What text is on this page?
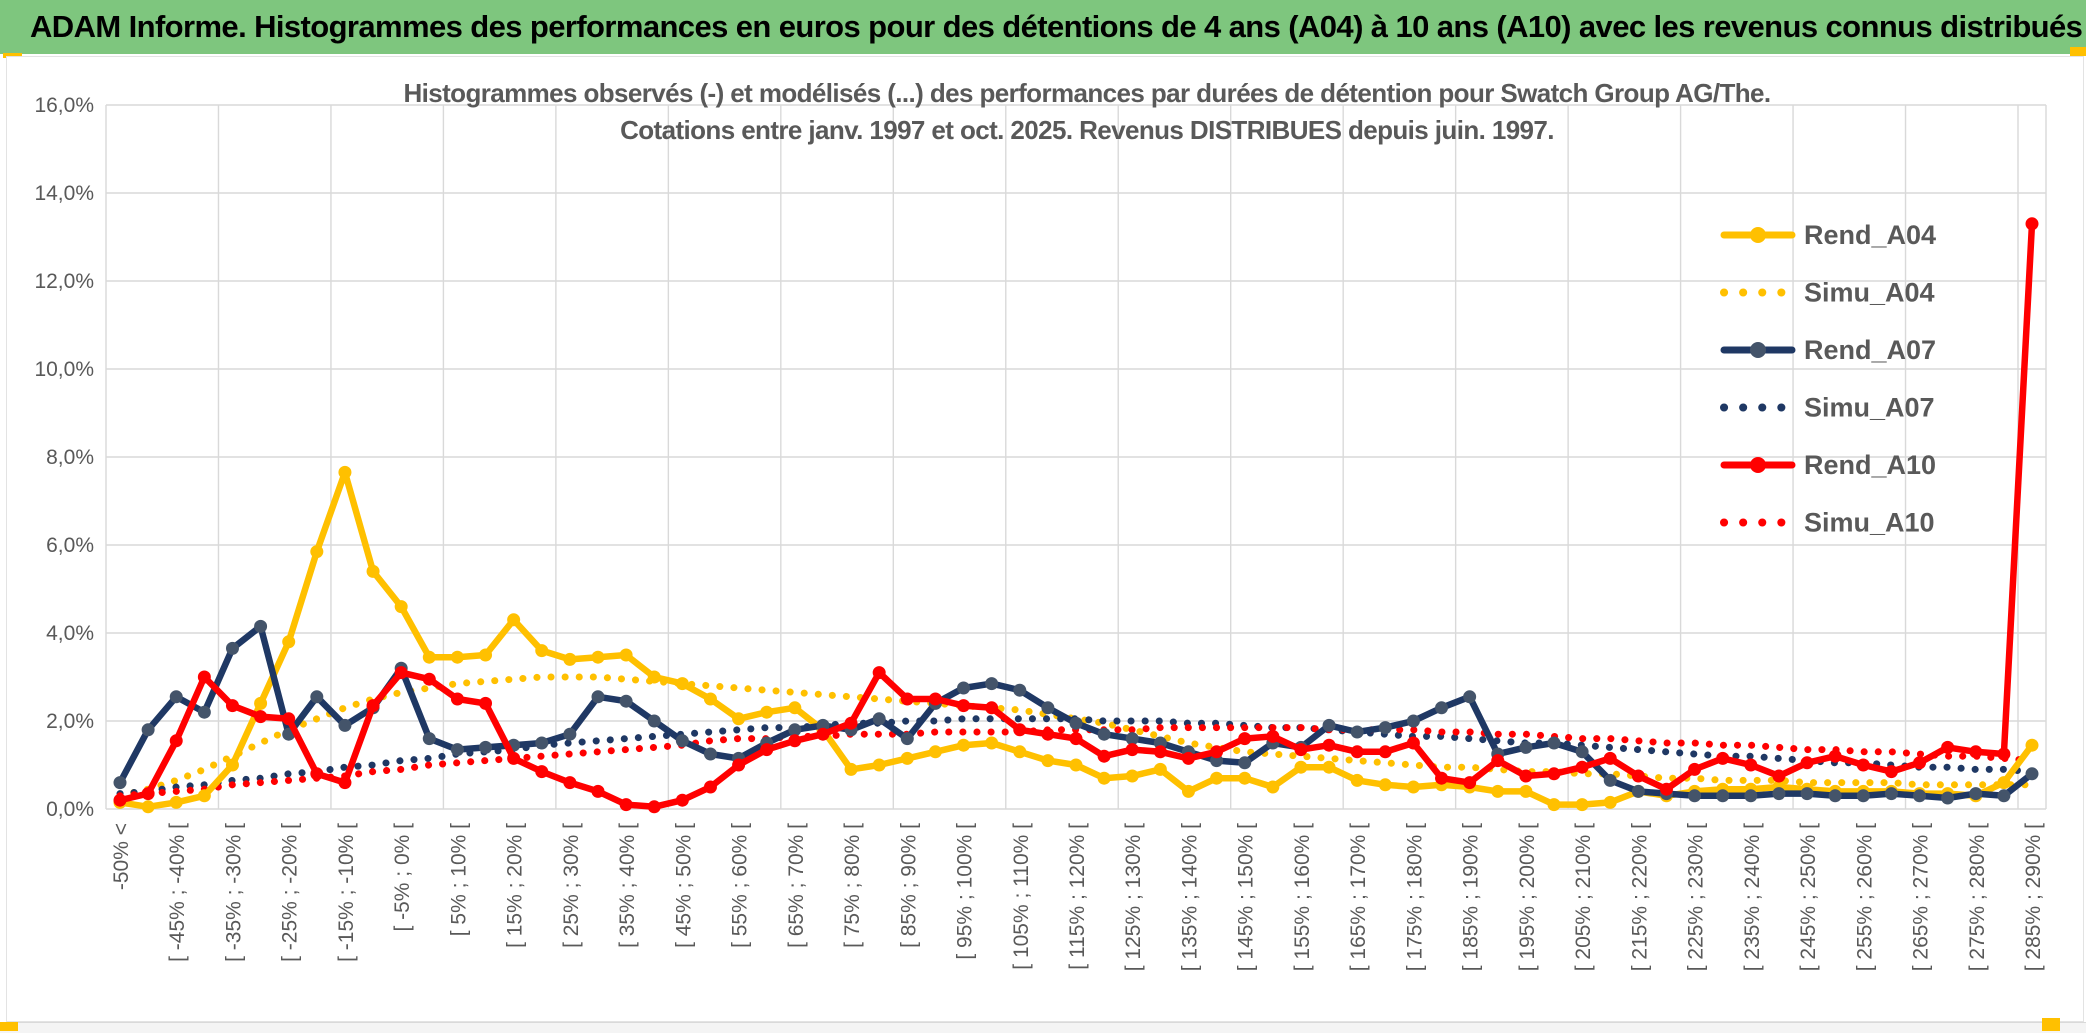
ADAM Informe. Histogrammes des performances en euros pour des détentions de 4 ans (A04) à 10 ans (A10) avec les revenus connus distribués
Histogrammes observés (-) et modélisés (...) des performances par durées de détention pour Swatch Group AG/The.
Cotations entre janv. 1997 et oct. 2025. Revenus DISTRIBUES depuis juin. 1997.
0,0%
2,0%
4,0%
6,0%
8,0%
10,0%
12,0%
14,0%
16,0%
-50% < [ -45% ; -40% [ [ -35% ; -30% [ [ -25% ; -20% [ [ -15% ; -10% [ [ -5% ; 0% [ [ 5% ; 10% [ [ 15% ; 20% [ [ 25% ; 30% [ [ 35% ; 40% [ [ 45% ; 50% [ [ 55% ; 60% [ [ 65% ; 70% [ [ 75% ; 80% [ [ 85% ; 90% [ [ 95% ; 100% [ [ 105% ; 110% [ [ 115% ; 120% [ [ 125% ; 130% [ [ 135% ; 140% [ [ 145% ; 150% [ [ 155% ; 160% [ [ 165% ; 170% [ [ 175% ; 180% [ [ 185% ; 190% [ [ 195% ; 200% [ [ 205% ; 210% [ [ 215% ; 220% [ [ 225% ; 230% [ [ 235% ; 240% [ [ 245% ; 250% [ [ 255% ; 260% [ [ 265% ; 270% [ [ 275% ; 280% [ [ 285% ; 290% [
Rend_A04
Simu_A04
Rend_A07
Simu_A07
Rend_A10
Simu_A10
